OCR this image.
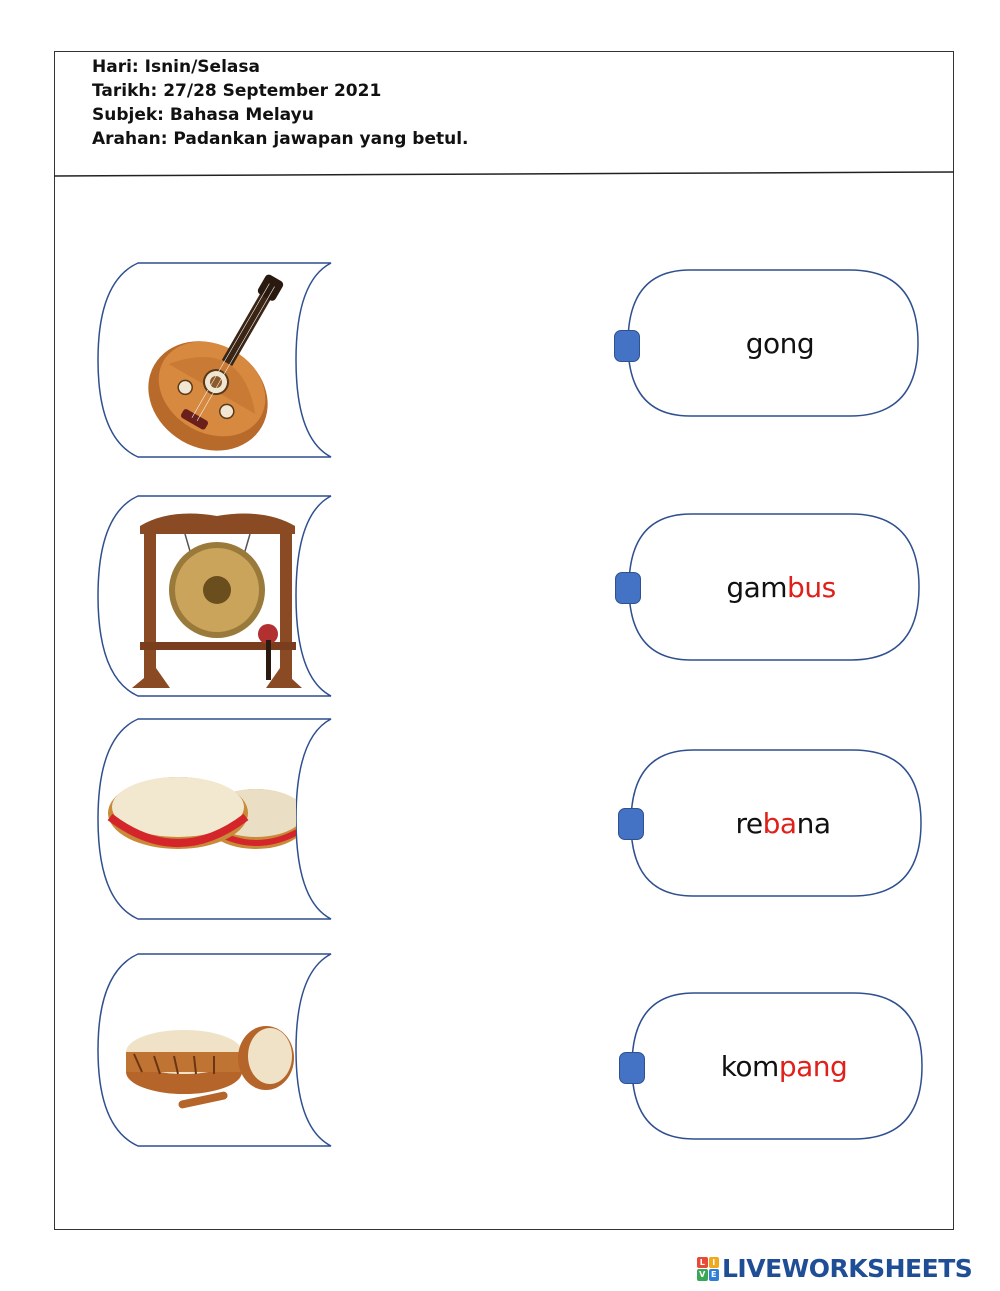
Hari: Isnin/Selasa
Tarikh: 27/28 September 2021
Subjek: Bahasa Melayu
Arahan: Padankan jawapan yang betul.
gong
gam bus
re ba na
kom pang
L I
V E LIVEWORKSHEETS
